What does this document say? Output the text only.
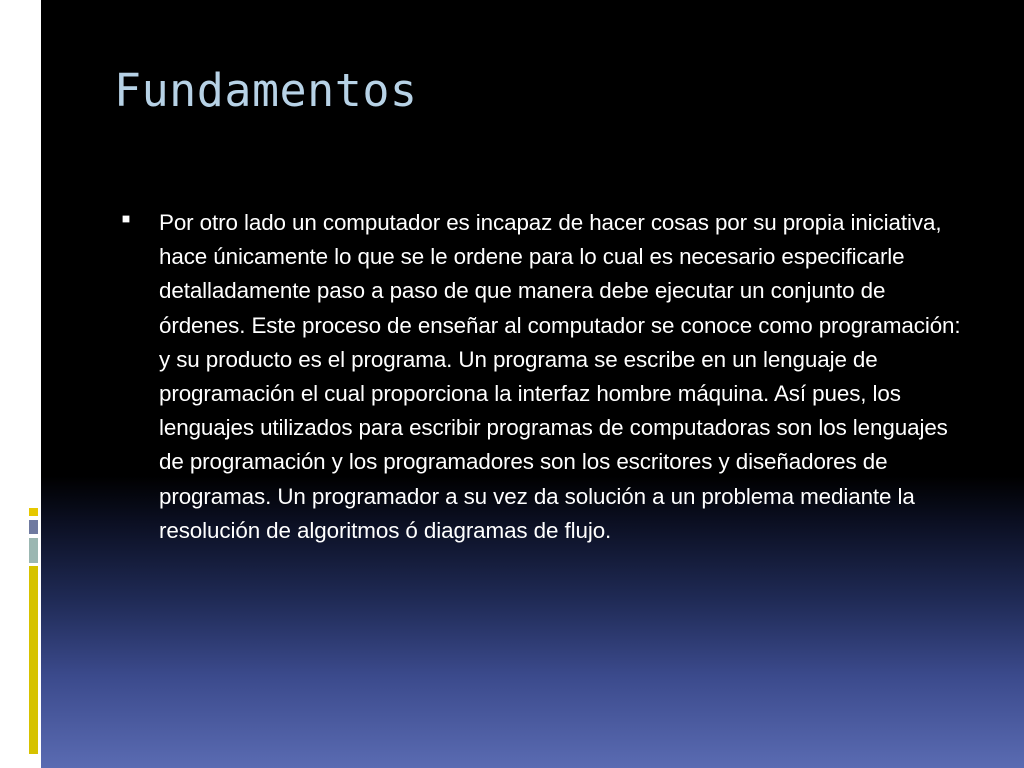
Fundamentos

Por otro lado un computador es incapaz de hacer cosas por su propia iniciativa, hace únicamente lo que se le ordene para lo cual es necesario especificarle detalladamente paso a paso de que manera debe ejecutar un conjunto de órdenes. Este proceso de enseñar al computador se conoce como programación: y su producto es el programa. Un programa se escribe en un lenguaje de programación el cual proporciona la interfaz hombre máquina. Así pues, los lenguajes utilizados para escribir programas de computadoras son los lenguajes de programación y los programadores son los escritores y diseñadores de programas. Un programador a su vez da solución a un problema mediante la resolución de algoritmos ó diagramas de flujo.
